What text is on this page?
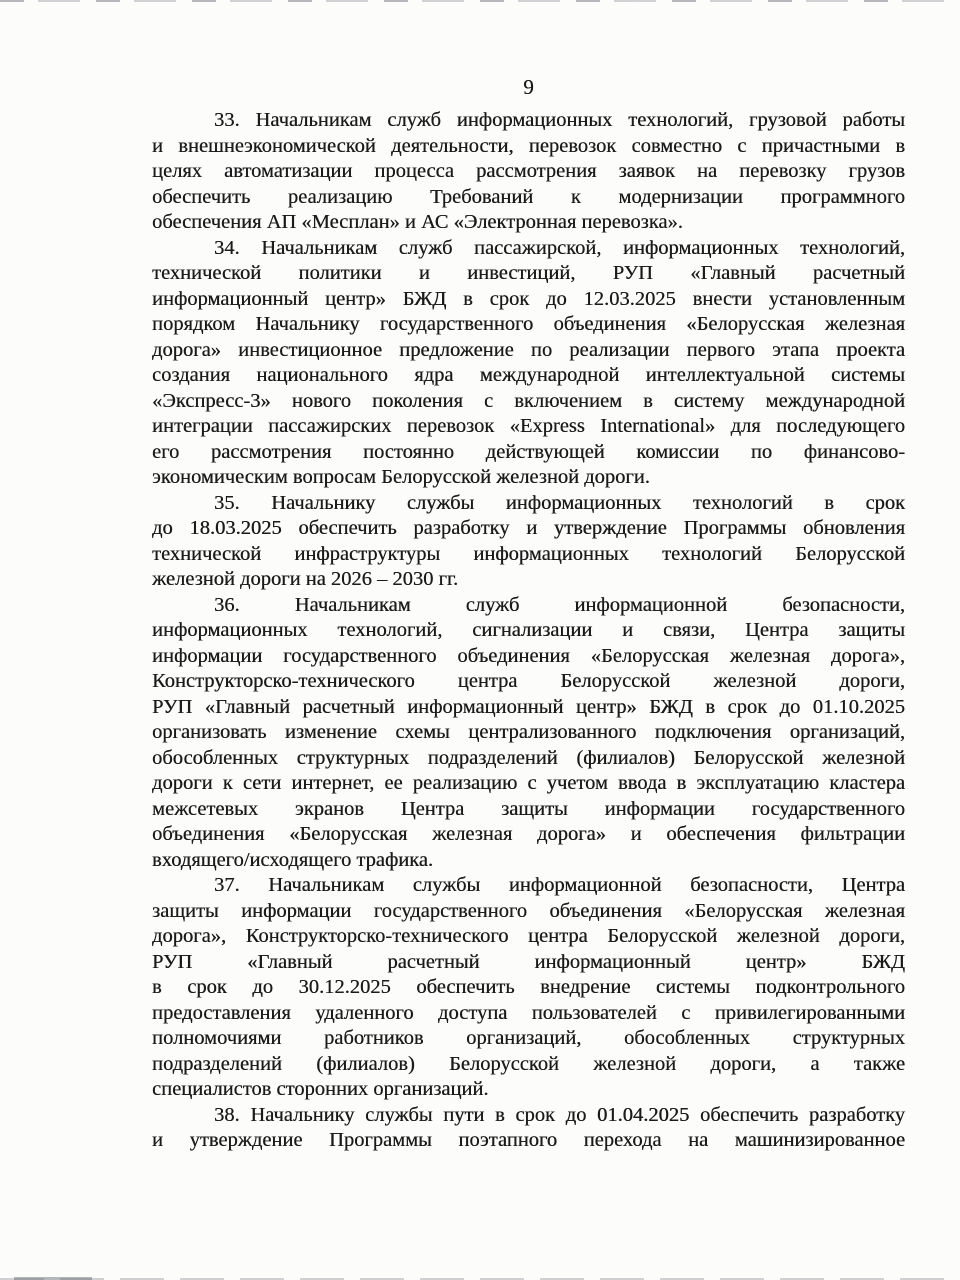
9
33. Начальникам служб информационных технологий, грузовой работы
и внешнеэкономической деятельности, перевозок совместно с причастными в
целях автоматизации процесса рассмотрения заявок на перевозку грузов
обеспечить реализацию Требований к модернизации программного
обеспечения АП «Месплан» и АС «Электронная перевозка».
34. Начальникам служб пассажирской, информационных технологий,
технической политики и инвестиций, РУП «Главный расчетный
информационный центр» БЖД в срок до 12.03.2025 внести установленным
порядком Начальнику государственного объединения «Белорусская железная
дорога» инвестиционное предложение по реализации первого этапа проекта
создания национального ядра международной интеллектуальной системы
«Экспресс-3» нового поколения с включением в систему международной
интеграции пассажирских перевозок «Express International» для последующего
его рассмотрения постоянно действующей комиссии по финансово-
экономическим вопросам Белорусской железной дороги.
35. Начальнику службы информационных технологий в срок
до 18.03.2025 обеспечить разработку и утверждение Программы обновления
технической инфраструктуры информационных технологий Белорусской
железной дороги на 2026 – 2030 гг.
36. Начальникам служб информационной безопасности,
информационных технологий, сигнализации и связи, Центра защиты
информации государственного объединения «Белорусская железная дорога»,
Конструкторско-технического центра Белорусской железной дороги,
РУП «Главный расчетный информационный центр» БЖД в срок до 01.10.2025
организовать изменение схемы централизованного подключения организаций,
обособленных структурных подразделений (филиалов) Белорусской железной
дороги к сети интернет, ее реализацию с учетом ввода в эксплуатацию кластера
межсетевых экранов Центра защиты информации государственного
объединения «Белорусская железная дорога» и обеспечения фильтрации
входящего/исходящего трафика.
37. Начальникам службы информационной безопасности, Центра
защиты информации государственного объединения «Белорусская железная
дорога», Конструкторско-технического центра Белорусской железной дороги,
РУП «Главный расчетный информационный центр» БЖД
в срок до 30.12.2025 обеспечить внедрение системы подконтрольного
предоставления удаленного доступа пользователей с привилегированными
полномочиями работников организаций, обособленных структурных
подразделений (филиалов) Белорусской железной дороги, а также
специалистов сторонних организаций.
38. Начальнику службы пути в срок до 01.04.2025 обеспечить разработку
и утверждение Программы поэтапного перехода на машинизированное
